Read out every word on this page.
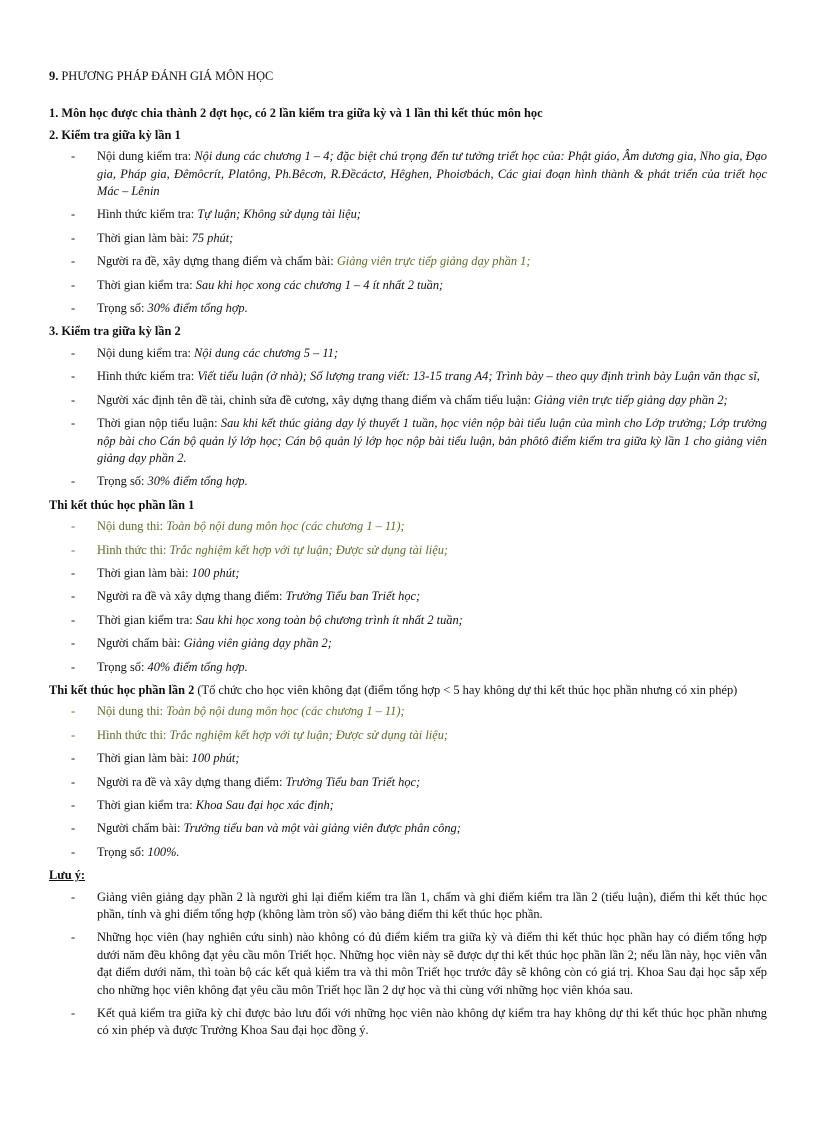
9. PHƯƠNG PHÁP ĐÁNH GIÁ MÔN HỌC

1. Môn học được chia thành 2 đợt học, có 2 lần kiểm tra giữa kỳ và 1 lần thi kết thúc môn học
2. Kiểm tra giữa kỳ lần 1
- Nội dung kiểm tra: Nội dung các chương 1 – 4; đặc biệt chú trọng đến tư tưởng triết học của: Phật giáo, Âm dương gia, Nho gia, Đạo gia, Pháp gia, Đêmôcrít, Platông, Ph.Bêcơn, R.Đềcáctơ, Hêghen, Phoiơbách, Các giai đoạn hình thành & phát triển của triết học Mác – Lênin
- Hình thức kiểm tra: Tự luận; Không sử dụng tài liệu;
- Thời gian làm bài: 75 phút;
- Người ra đề, xây dựng thang điểm và chấm bài: Giảng viên trực tiếp giảng dạy phần 1;
- Thời gian kiểm tra: Sau khi học xong các chương 1 – 4 ít nhất 2 tuần;
- Trọng số: 30% điểm tổng hợp.
3. Kiểm tra giữa kỳ lần 2
- Nội dung kiểm tra: Nội dung các chương 5 – 11;
- Hình thức kiểm tra: Viết tiểu luận (ở nhà); Số lượng trang viết: 13-15 trang A4; Trình bày – theo quy định trình bày Luận văn thạc sĩ,
- Người xác định tên đề tài, chỉnh sửa đề cương, xây dựng thang điểm và chấm tiểu luận: Giảng viên trực tiếp giảng dạy phần 2;
- Thời gian nộp tiểu luận: Sau khi kết thúc giảng dạy lý thuyết 1 tuần, học viên nộp bài tiểu luận của mình cho Lớp trưởng; Lớp trưởng nộp bài cho Cán bộ quản lý lớp học; Cán bộ quản lý lớp học nộp bài tiểu luận, bản phôtô điểm kiểm tra giữa kỳ lần 1 cho giảng viên giảng dạy phần 2.
- Trọng số: 30% điểm tổng hợp.
Thi kết thúc học phần lần 1
- Nội dung thi: Toàn bộ nội dung môn học (các chương 1 – 11);
- Hình thức thi: Trắc nghiệm kết hợp với tự luận; Được sử dụng tài liệu;
- Thời gian làm bài: 100 phút;
- Người ra đề và xây dựng thang điểm: Trưởng Tiểu ban Triết học;
- Thời gian kiểm tra: Sau khi học xong toàn bộ chương trình ít nhất 2 tuần;
- Người chấm bài: Giảng viên giảng dạy phần 2;
- Trọng số: 40% điểm tổng hợp.
Thi kết thúc học phần lần 2 (Tổ chức cho học viên không đạt (điểm tổng hợp < 5 hay không dự thi kết thúc học phần nhưng có xin phép)
- Nội dung thi: Toàn bộ nội dung môn học (các chương 1 – 11);
- Hình thức thi: Trắc nghiệm kết hợp với tự luận; Được sử dụng tài liệu;
- Thời gian làm bài: 100 phút;
- Người ra đề và xây dựng thang điểm: Trưởng Tiểu ban Triết học;
- Thời gian kiểm tra: Khoa Sau đại học xác định;
- Người chấm bài: Trưởng tiểu ban và một vài giảng viên được phân công;
- Trọng số: 100%.
Lưu ý:
- Giảng viên giảng dạy phần 2 là người ghi lại điểm kiểm tra lần 1, chấm và ghi điểm kiểm tra lần 2 (tiểu luận), điểm thi kết thúc học phần, tính và ghi điểm tổng hợp (không làm tròn số) vào bảng điểm thi kết thúc học phần.
- Những học viên (hay nghiên cứu sinh) nào không có đủ điểm kiểm tra giữa kỳ và điểm thi kết thúc học phần hay có điểm tổng hợp dưới năm đều không đạt yêu cầu môn Triết học. Những học viên này sẽ được dự thi kết thúc học phần lần 2; nếu lần này, học viên vẫn đạt điểm dưới năm, thì toàn bộ các kết quả kiểm tra và thi môn Triết học trước đây sẽ không còn có giá trị. Khoa Sau đại học sắp xếp cho những học viên không đạt yêu cầu môn Triết học lần 2 dự học và thi cùng với những học viên khóa sau.
- Kết quả kiểm tra giữa kỳ chỉ được bảo lưu đối với những học viên nào không dự kiểm tra hay không dự thi kết thúc học phần nhưng có xin phép và được Trưởng Khoa Sau đại học đồng ý.
